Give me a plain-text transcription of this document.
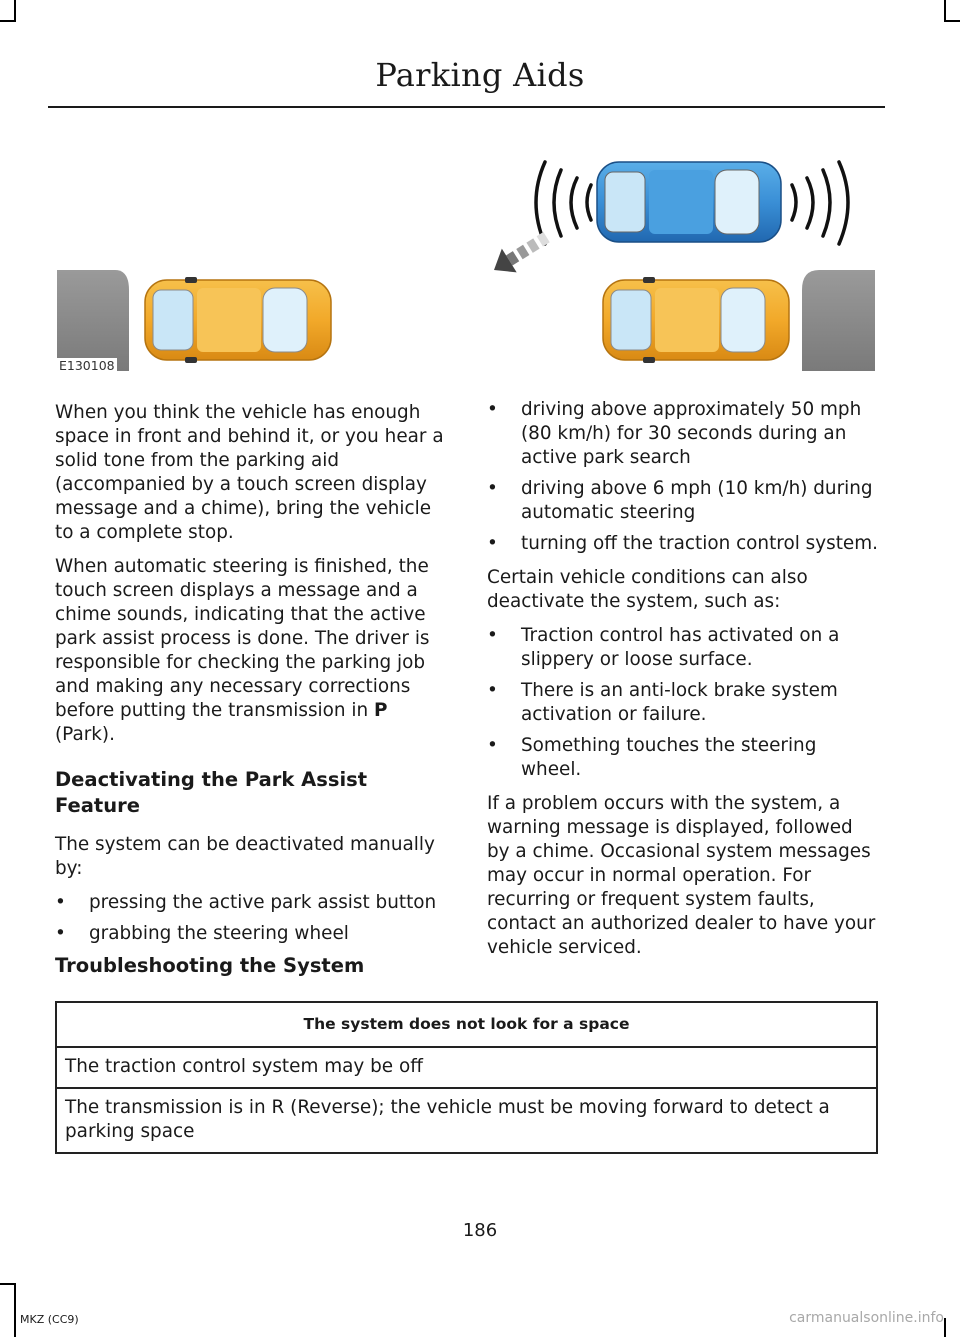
Parking Aids
E130108

When you think the vehicle has enough space in front and behind it, or you hear a solid tone from the parking aid (accompanied by a touch screen display message and a chime), bring the vehicle to a complete stop.

When automatic steering is finished, the touch screen displays a message and a chime sounds, indicating that the active park assist process is done. The driver is responsible for checking the parking job and making any necessary corrections before putting the transmission in P (Park).

Deactivating the Park Assist Feature

The system can be deactivated manually by:

•	pressing the active park assist button
•	grabbing the steering wheel
•	driving above approximately 50 mph (80 km/h) for 30 seconds during an active park search
•	driving above 6 mph (10 km/h) during automatic steering
•	turning off the traction control system.

Certain vehicle conditions can also deactivate the system, such as:

•	Traction control has activated on a slippery or loose surface.
•	There is an anti-lock brake system activation or failure.
•	Something touches the steering wheel.

If a problem occurs with the system, a warning message is displayed, followed by a chime. Occasional system messages may occur in normal operation. For recurring or frequent system faults, contact an authorized dealer to have your vehicle serviced.

Troubleshooting the System
The system does not look for a space
The traction control system may be off
The transmission is in R (Reverse); the vehicle must be moving forward to detect a parking space
186
MKZ (CC9)	carmanualsonline.info
